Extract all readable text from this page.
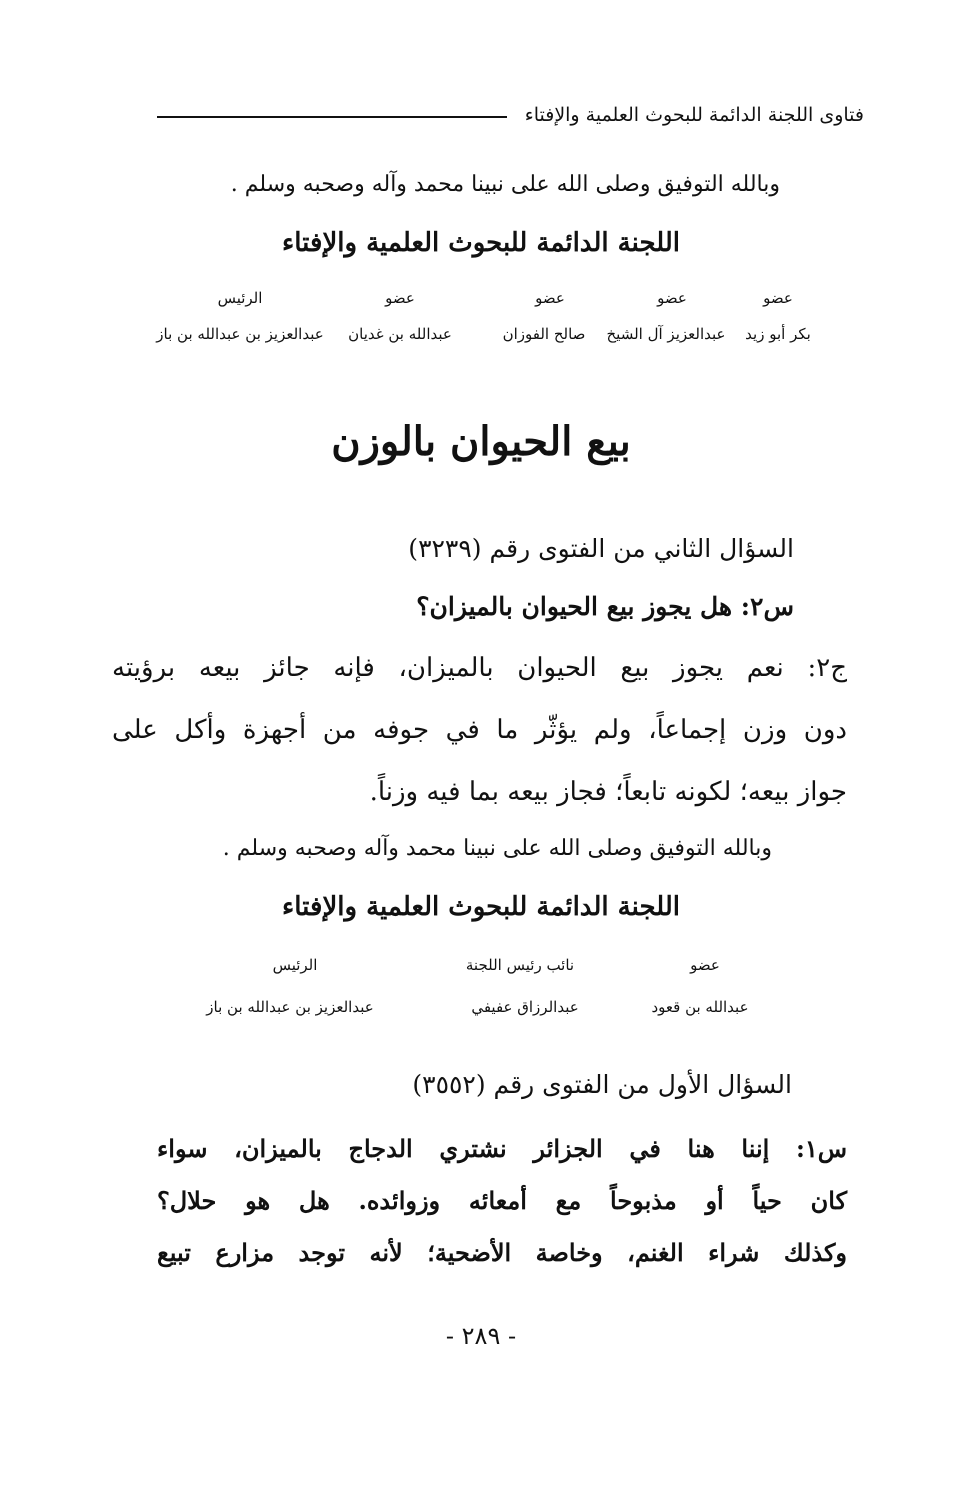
فتاوى اللجنة الدائمة للبحوث العلمية والإفتاء
وبالله التوفيق وصلى الله على نبينا محمد وآله وصحبه وسلم .
اللجنة الدائمة للبحوث العلمية والإفتاء
عضو
بكر أبو زيد
عضو
عبدالعزيز آل الشيخ
عضو
صالح الفوزان
عضو
عبدالله بن غديان
الرئيس
عبدالعزيز بن عبدالله بن باز
بيع الحيوان بالوزن
السؤال الثاني من الفتوى رقم (٣٢٣٩)
س٢: هل يجوز بيع الحيوان بالميزان؟
ج٢: نعم يجوز بيع الحيوان بالميزان، فإنه جائز بيعه برؤيته
دون وزن إجماعاً، ولم يؤثّر ما في جوفه من أجهزة وأكل على
جواز بيعه؛ لكونه تابعاً؛ فجاز بيعه بما فيه وزناً.
وبالله التوفيق وصلى الله على نبينا محمد وآله وصحبه وسلم .
اللجنة الدائمة للبحوث العلمية والإفتاء
عضو
عبدالله بن قعود
نائب رئيس اللجنة
عبدالرزاق عفيفي
الرئيس
عبدالعزيز بن عبدالله بن باز
السؤال الأول من الفتوى رقم (٣٥٥٢)
س١: إننا هنا في الجزائر نشتري الدجاج بالميزان، سواء
كان حياً أو مذبوحاً مع أمعائه وزوائده. هل هو حلال؟
وكذلك شراء الغنم، وخاصة الأضحية؛ لأنه توجد مزارع تبيع
- ٢٨٩ -
